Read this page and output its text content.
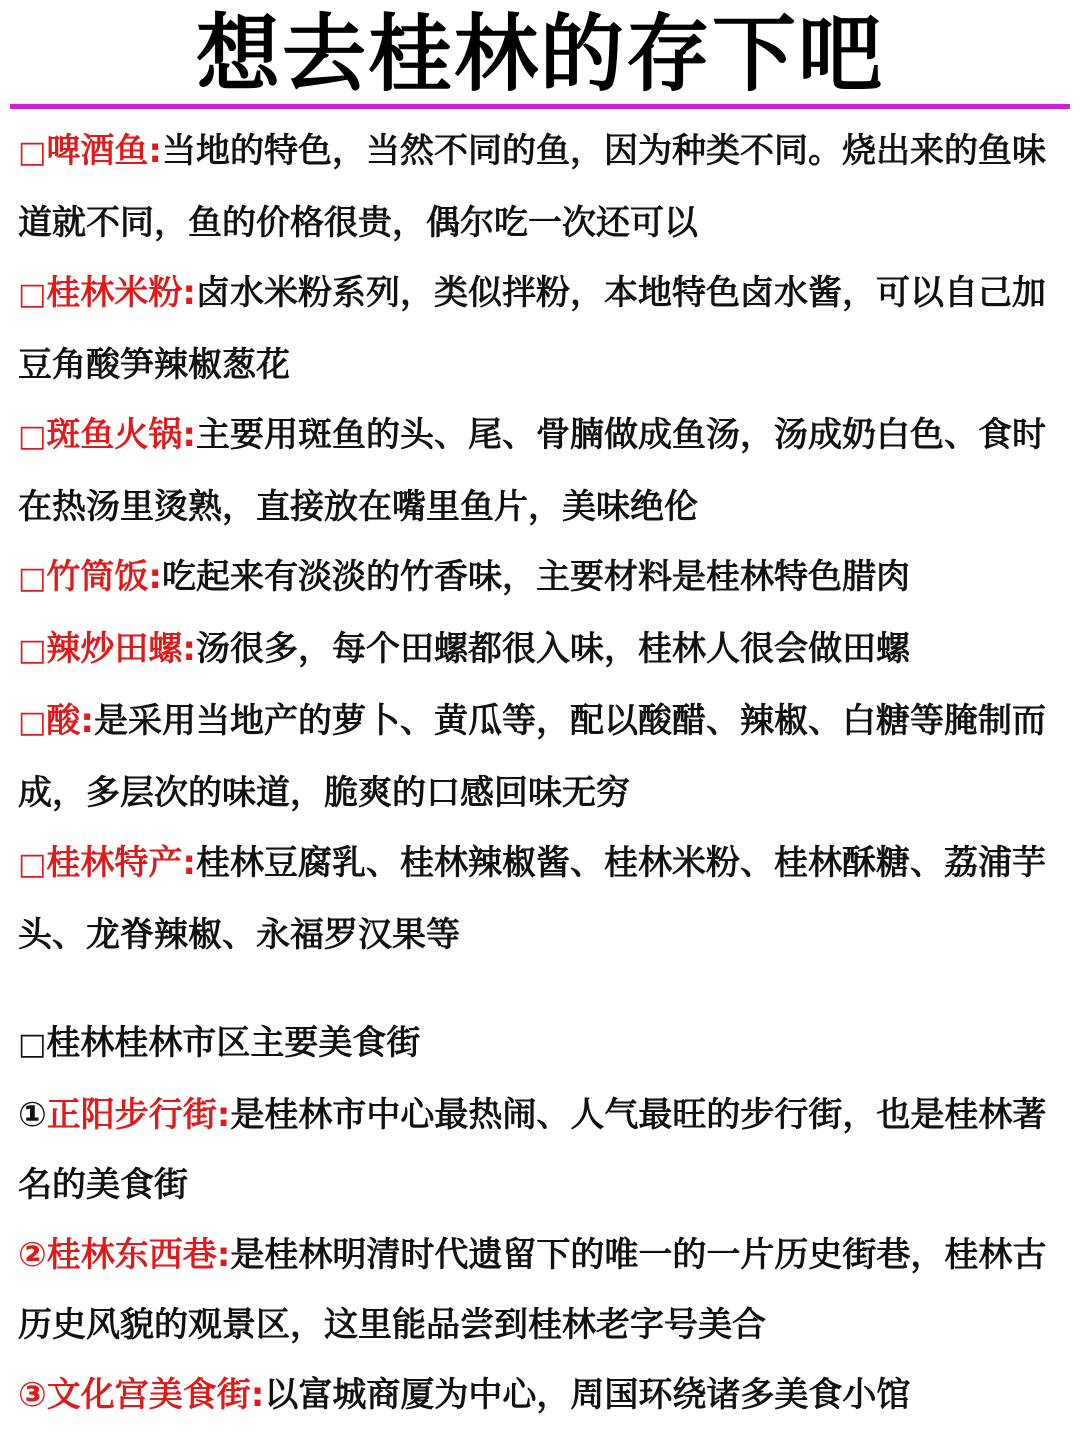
想去桂林的存下吧

□啤酒鱼:当地的特色，当然不同的鱼，因为种类不同。烧出来的鱼味道就不同，鱼的价格很贵，偶尔吃一次还可以

□桂林米粉:卤水米粉系列，类似拌粉，本地特色卤水酱，可以自己加豆角酸笋辣椒葱花

□斑鱼火锅:主要用斑鱼的头、尾、骨腩做成鱼汤，汤成奶白色、食时在热汤里烫熟，直接放在嘴里鱼片，美味绝伦

□竹筒饭:吃起来有淡淡的竹香味，主要材料是桂林特色腊肉

□辣炒田螺:汤很多，每个田螺都很入味，桂林人很会做田螺

□酸:是采用当地产的萝卜、黄瓜等，配以酸醋、辣椒、白糖等腌制而成，多层次的味道，脆爽的口感回味无穷

□桂林特产:桂林豆腐乳、桂林辣椒酱、桂林米粉、桂林酥糖、荔浦芋头、龙脊辣椒、永福罗汉果等

□桂林桂林市区主要美食街

①正阳步行街:是桂林市中心最热闹、人气最旺的步行街，也是桂林著名的美食街

②桂林东西巷:是桂林明清时代遗留下的唯一的一片历史街巷，桂林古历史风貌的观景区，这里能品尝到桂林老字号美合

③文化宫美食街:以富城商厦为中心，周国环绕诸多美食小馆
